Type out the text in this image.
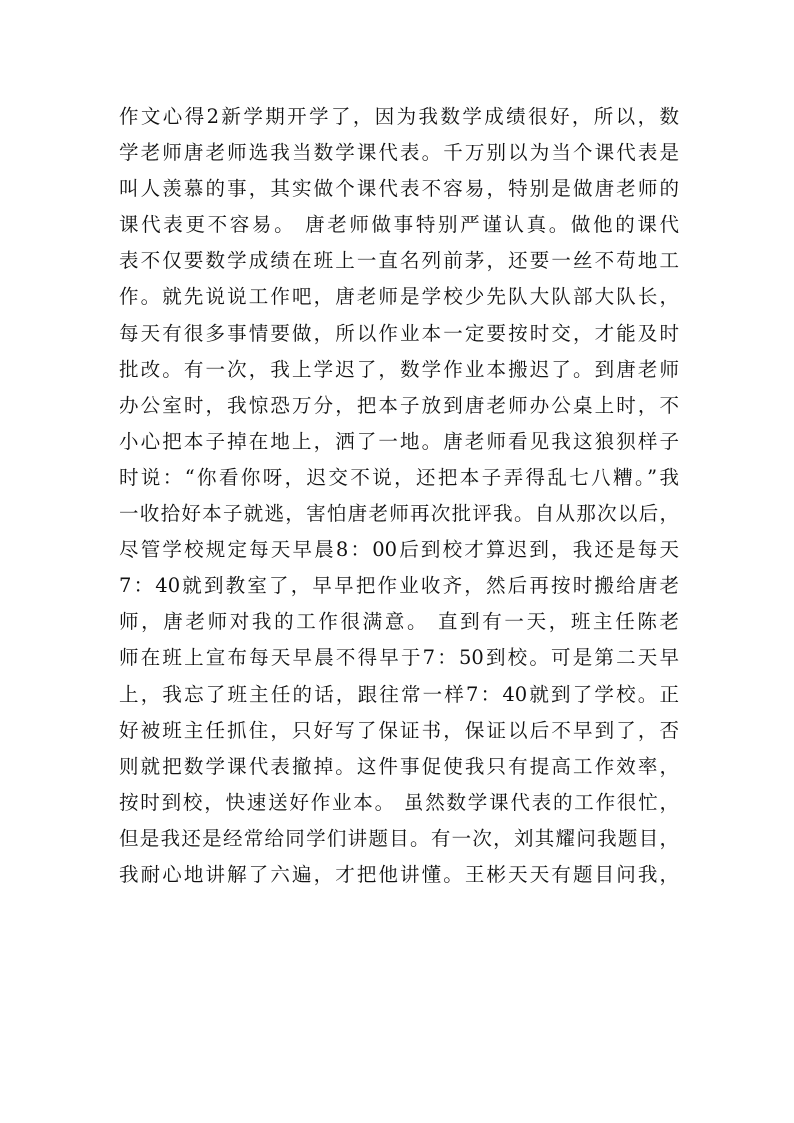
作文心得2新学期开学了，因为我数学成绩很好，所以，数
学老师唐老师选我当数学课代表。千万别以为当个课代表是
叫人羡慕的事，其实做个课代表不容易，特别是做唐老师的
课代表更不容易。 唐老师做事特别严谨认真。做他的课代
表不仅要数学成绩在班上一直名列前茅，还要一丝不苟地工
作。就先说说工作吧，唐老师是学校少先队大队部大队长，
每天有很多事情要做，所以作业本一定要按时交，才能及时
批改。有一次，我上学迟了，数学作业本搬迟了。到唐老师
办公室时，我惊恐万分，把本子放到唐老师办公桌上时，不
小心把本子掉在地上，洒了一地。唐老师看见我这狼狈样子
时说：“你看你呀，迟交不说，还把本子弄得乱七八糟。”我
一收拾好本子就逃，害怕唐老师再次批评我。自从那次以后，
尽管学校规定每天早晨8：00后到校才算迟到，我还是每天
7：40就到教室了，早早把作业收齐，然后再按时搬给唐老
师，唐老师对我的工作很满意。 直到有一天，班主任陈老
师在班上宣布每天早晨不得早于7：50到校。可是第二天早
上，我忘了班主任的话，跟往常一样7：40就到了学校。正
好被班主任抓住，只好写了保证书，保证以后不早到了，否
则就把数学课代表撤掉。这件事促使我只有提高工作效率，
按时到校，快速送好作业本。 虽然数学课代表的工作很忙，
但是我还是经常给同学们讲题目。有一次，刘其耀问我题目，
我耐心地讲解了六遍，才把他讲懂。王彬天天有题目问我，
